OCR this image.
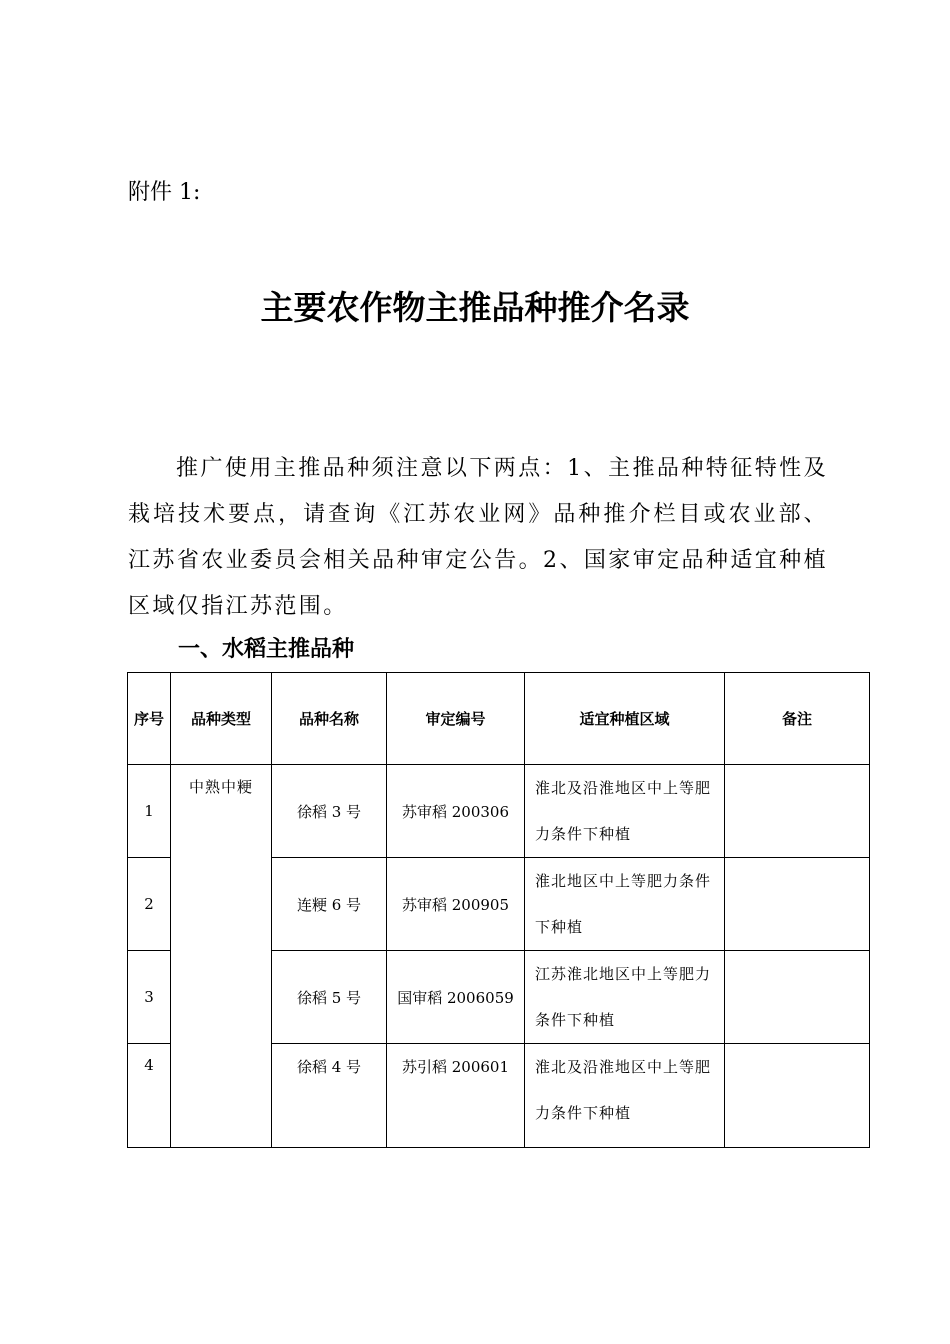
附件 1:
主要农作物主推品种推介名录
推广使用主推品种须注意以下两点：1、主推品种特征特性及栽培技术要点，请查询《江苏农业网》品种推介栏目或农业部、江苏省农业委员会相关品种审定公告。2、国家审定品种适宜种植区域仅指江苏范围。
一、水稻主推品种
序号	品种类型	品种名称	审定编号	适宜种植区域	备注
1	中熟中粳	徐稻 3 号	苏审稻 200306	淮北及沿淮地区中上等肥力条件下种植	
2		连粳 6 号	苏审稻 200905	淮北地区中上等肥力条件下种植	
3		徐稻 5 号	国审稻 2006059	江苏淮北地区中上等肥力条件下种植	
4		徐稻 4 号	苏引稻 200601	淮北及沿淮地区中上等肥力条件下种植	
